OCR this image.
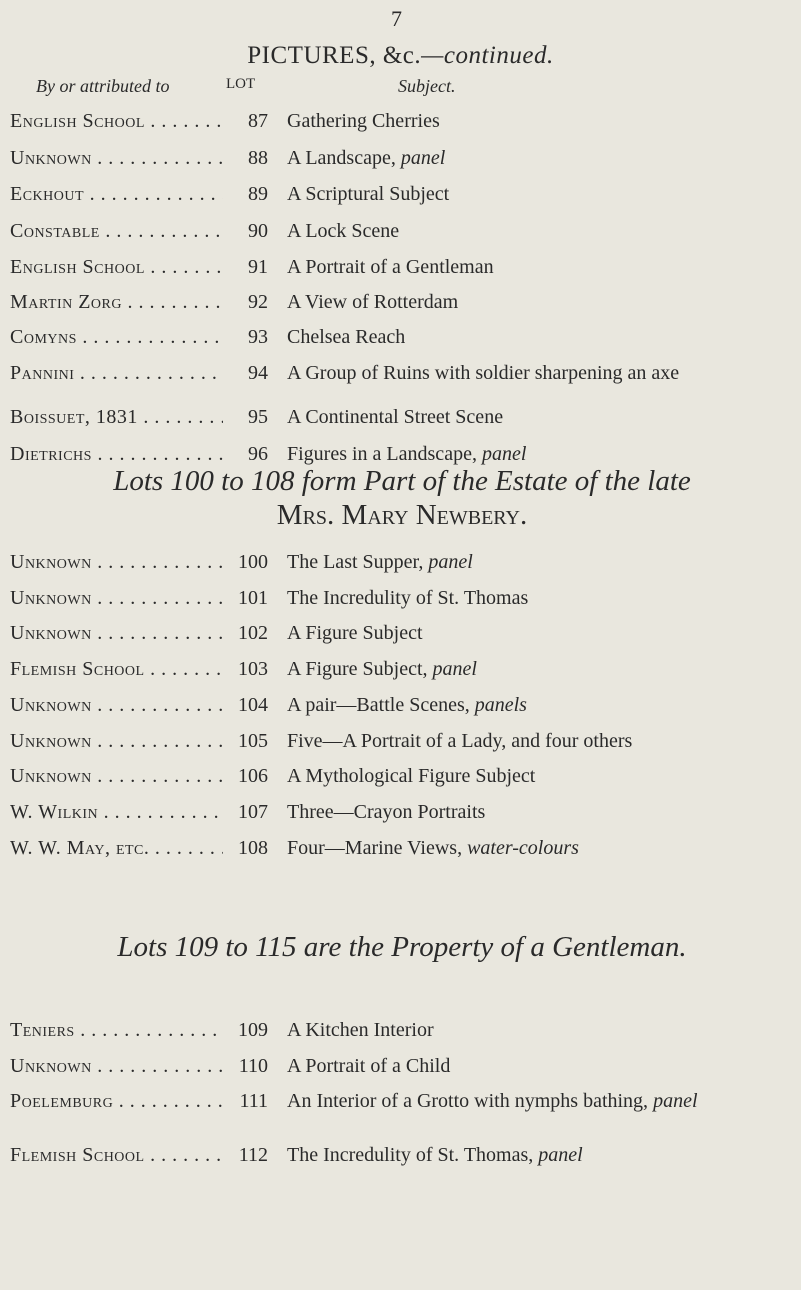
7
PICTURES, &c.—continued.
By or attributed to	LOT	Subject.
English School . . .	87 Gathering Cherries
Unknown . . .	88 A Landscape, panel
Eckhout . . .	89 A Scriptural Subject
Constable . . .	90 A Lock Scene
English School . . .	91 A Portrait of a Gentleman
Martin Zorg . . .	92 A View of Rotterdam
Comyns . . .	93 Chelsea Reach
Pannini . . .	94 A Group of Ruins with soldier sharpening an axe
Boissuet, 1831 . . .	95 A Continental Street Scene
Dietrichs . . .	96 Figures in a Landscape, panel
Lots 100 to 108 form Part of the Estate of the late
Mrs. Mary Newbery.
Unknown . . .	100 The Last Supper, panel
Unknown . . .	101 The Incredulity of St. Thomas
Unknown . . .	102 A Figure Subject
Flemish School . . .	103 A Figure Subject, panel
Unknown . . .	104 A pair—Battle Scenes, panels
Unknown . . .	105 Five—A Portrait of a Lady, and four others
Unknown . . .	106 A Mythological Figure Subject
W. Wilkin . . .	107 Three—Crayon Portraits
W. W. May, etc. . . .	108 Four—Marine Views, water-colours
Lots 109 to 115 are the Property of a Gentleman.
Teniers . . .	109 A Kitchen Interior
Unknown . . .	110 A Portrait of a Child
Poelemburg . . .	111 An Interior of a Grotto with nymphs bathing, panel
Flemish School . . .	112 The Incredulity of St. Thomas, panel
